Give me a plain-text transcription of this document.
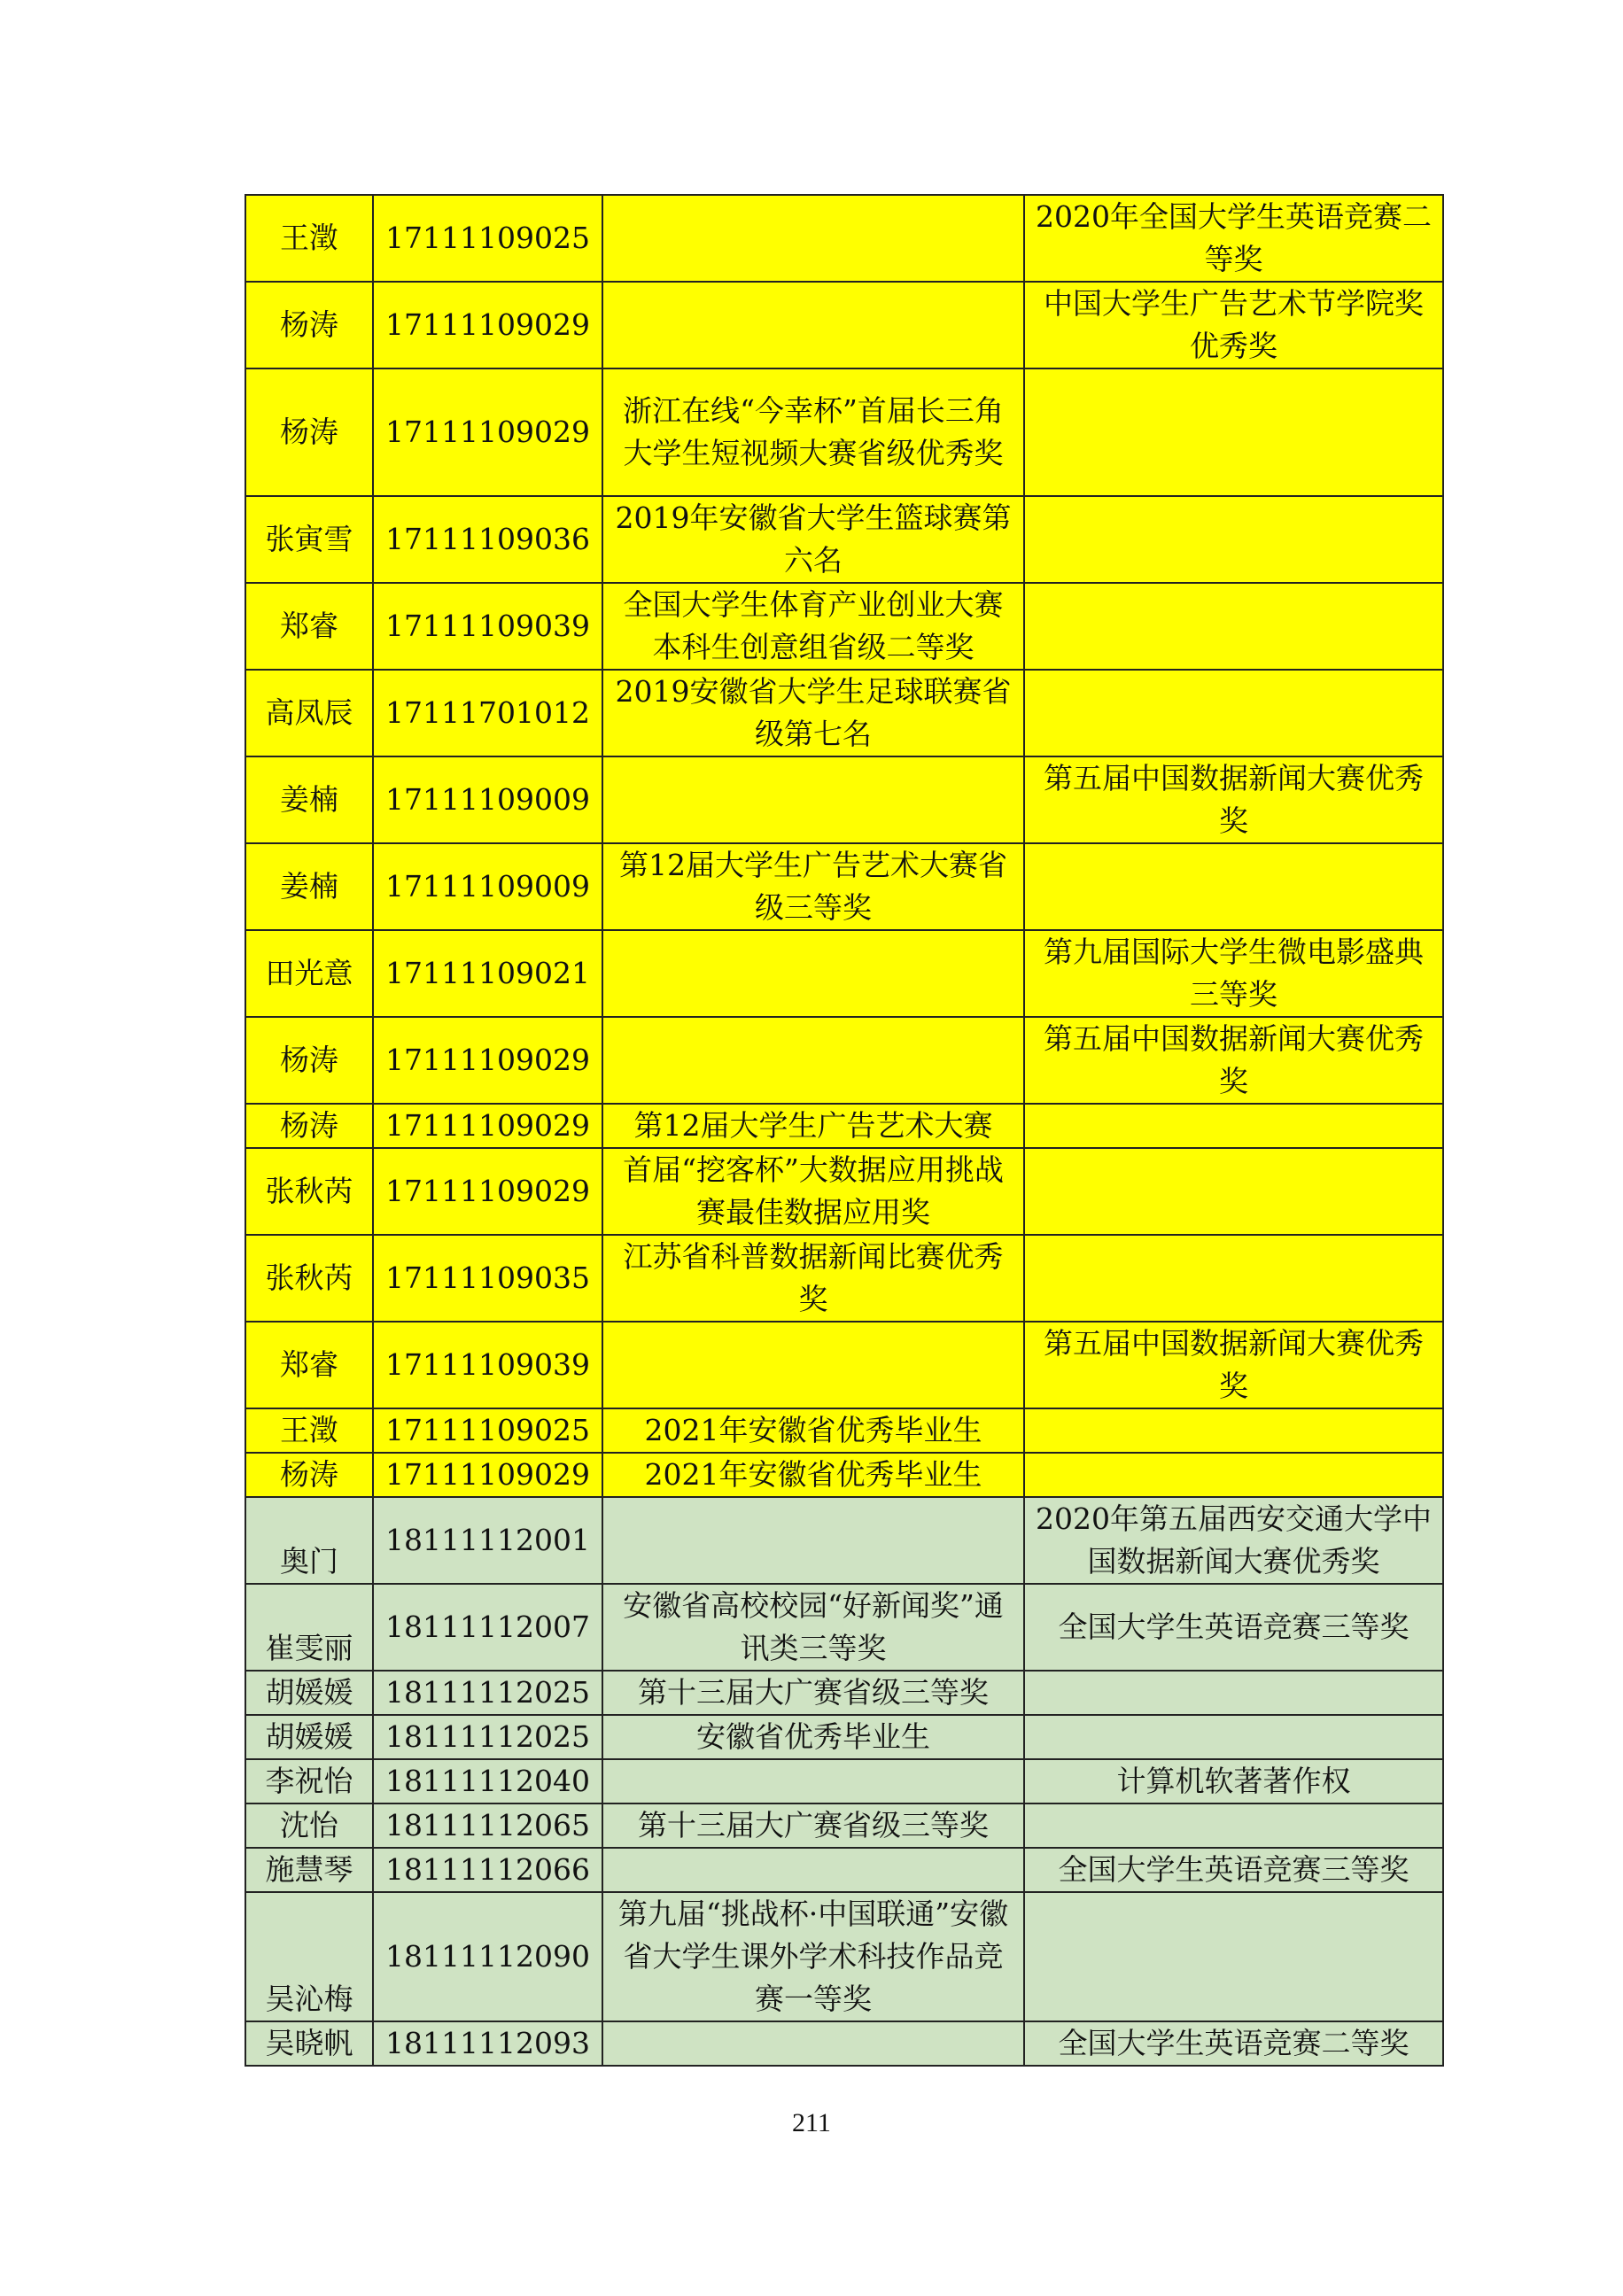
王澂	17111109025		2020年全国大学生英语竞赛二等奖
杨涛	17111109029		中国大学生广告艺术节学院奖优秀奖
杨涛	17111109029	浙江在线“今幸杯”首届长三角大学生短视频大赛省级优秀奖	
张寅雪	17111109036	2019年安徽省大学生篮球赛第六名	
郑睿	17111109039	全国大学生体育产业创业大赛本科生创意组省级二等奖	
高凤辰	17111701012	2019安徽省大学生足球联赛省级第七名	
姜楠	17111109009		第五届中国数据新闻大赛优秀奖
姜楠	17111109009	第12届大学生广告艺术大赛省级三等奖	
田光意	17111109021		第九届国际大学生微电影盛典三等奖
杨涛	17111109029		第五届中国数据新闻大赛优秀奖
杨涛	17111109029	第12届大学生广告艺术大赛	
张秋芮	17111109029	首届“挖客杯”大数据应用挑战赛最佳数据应用奖	
张秋芮	17111109035	江苏省科普数据新闻比赛优秀奖	
郑睿	17111109039		第五届中国数据新闻大赛优秀奖
王澂	17111109025	2021年安徽省优秀毕业生	
杨涛	17111109029	2021年安徽省优秀毕业生	
奥门	18111112001		2020年第五届西安交通大学中国数据新闻大赛优秀奖
崔雯丽	18111112007	安徽省高校校园“好新闻奖”通讯类三等奖	全国大学生英语竞赛三等奖
胡媛媛	18111112025	第十三届大广赛省级三等奖	
胡媛媛	18111112025	安徽省优秀毕业生	
李祝怡	18111112040		计算机软著著作权
沈怡	18111112065	第十三届大广赛省级三等奖	
施慧琴	18111112066		全国大学生英语竞赛三等奖
吴沁梅	18111112090	第九届“挑战杯·中国联通”安徽省大学生课外学术科技作品竞赛一等奖	
吴晓帆	18111112093		全国大学生英语竞赛二等奖
211
